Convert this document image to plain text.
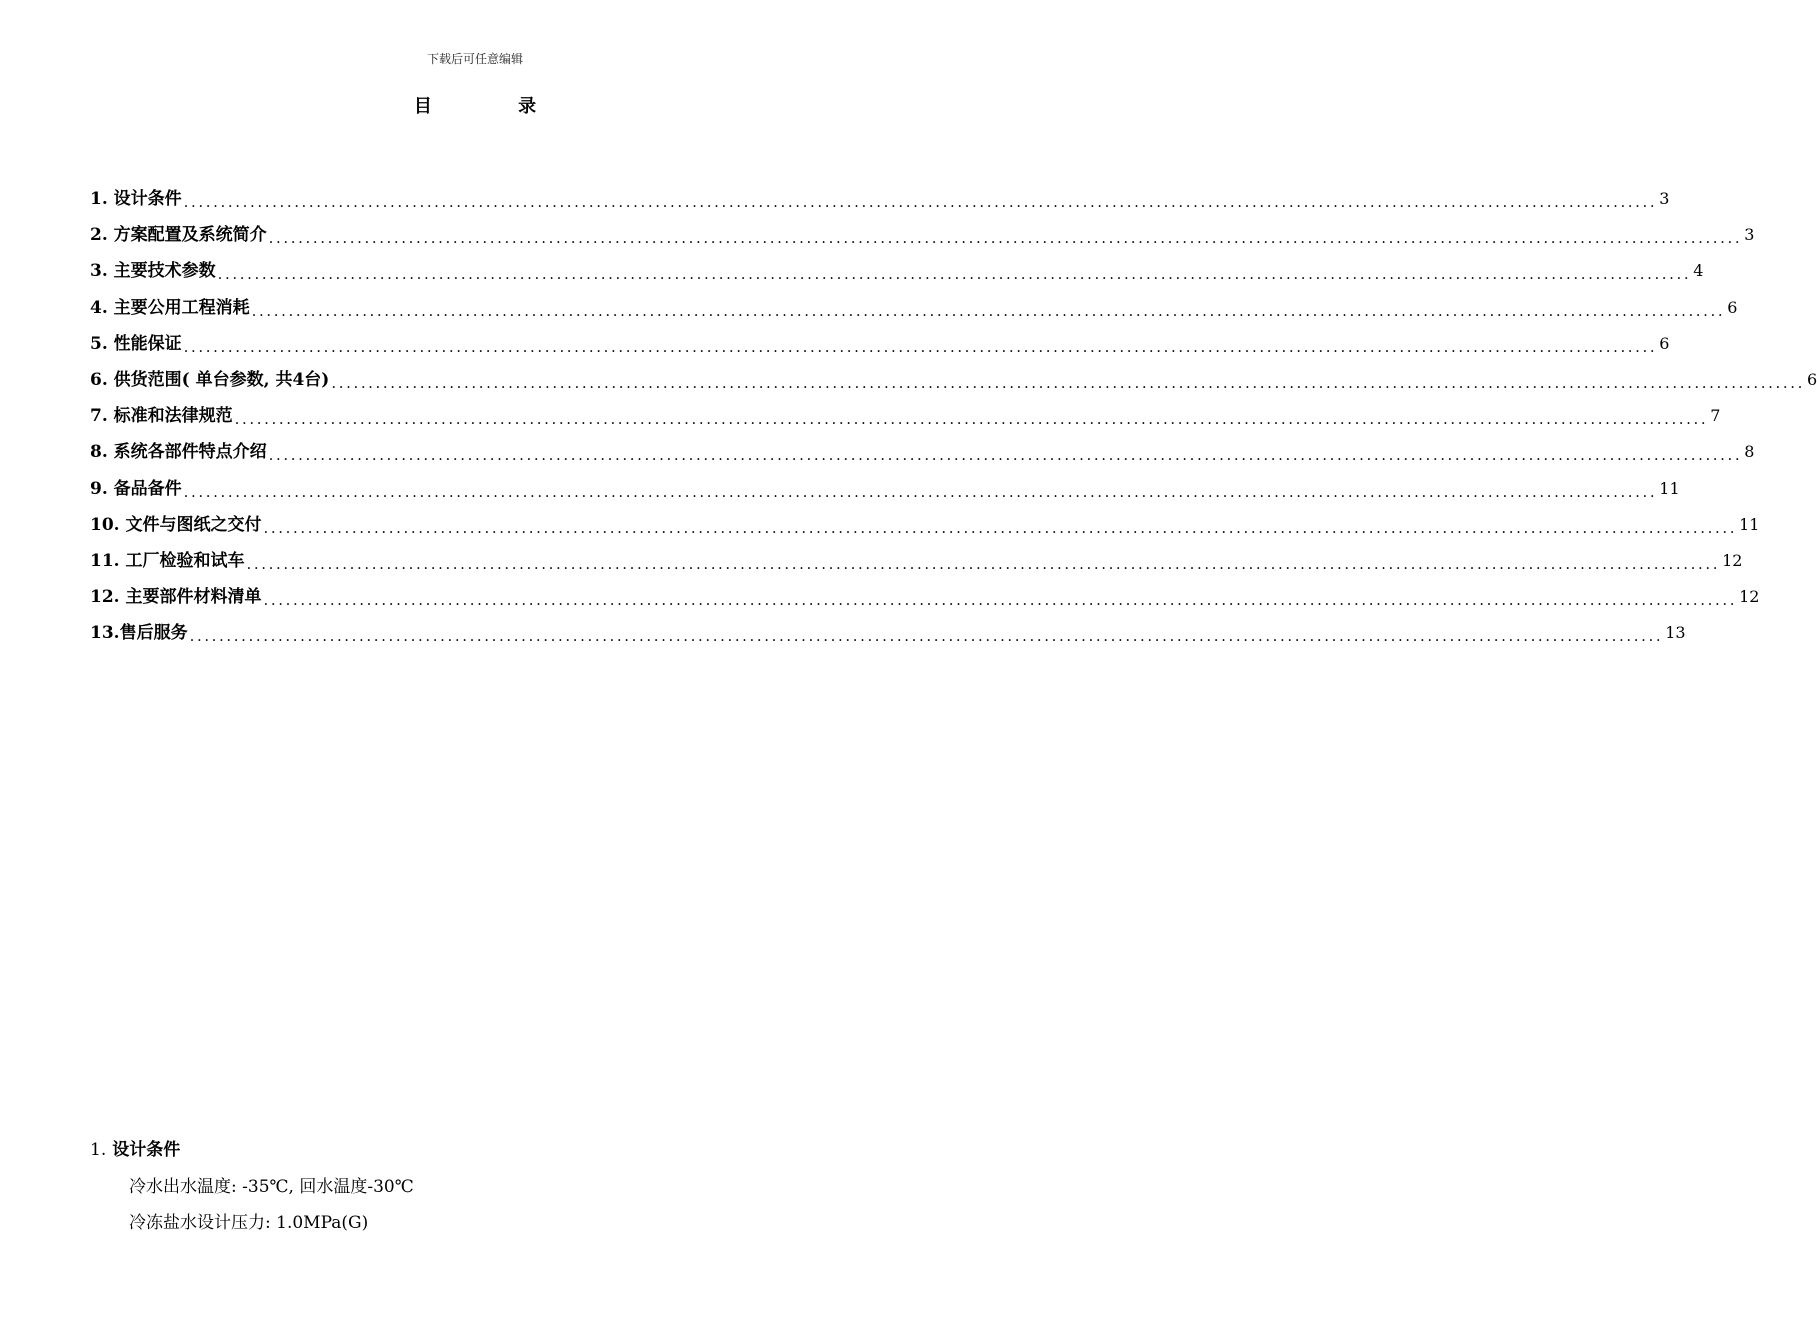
下载后可任意编辑
目 录
1. 设计条件 ........................................................................................................................................................................................................ 3
2. 方案配置及系统简介 ........................................................................................................................................................................................................ 3
3. 主要技术参数 ........................................................................................................................................................................................................ 4
4. 主要公用工程消耗 ........................................................................................................................................................................................................ 6
5. 性能保证 ........................................................................................................................................................................................................ 6
6. 供货范围( 单台参数, 共4台) ........................................................................................................................................................................................................ 6
7. 标准和法律规范 ........................................................................................................................................................................................................ 7
8. 系统各部件特点介绍 ........................................................................................................................................................................................................ 8
9. 备品备件 ........................................................................................................................................................................................................ 11
10. 文件与图纸之交付 ........................................................................................................................................................................................................ 11
11. 工厂检验和试车 ........................................................................................................................................................................................................ 12
12. 主要部件材料清单 ........................................................................................................................................................................................................ 12
13.售后服务 ........................................................................................................................................................................................................ 13
1. 设计条件
冷水出水温度: -35℃, 回水温度-30℃
冷冻盐水设计压力: 1.0MPa(G)
